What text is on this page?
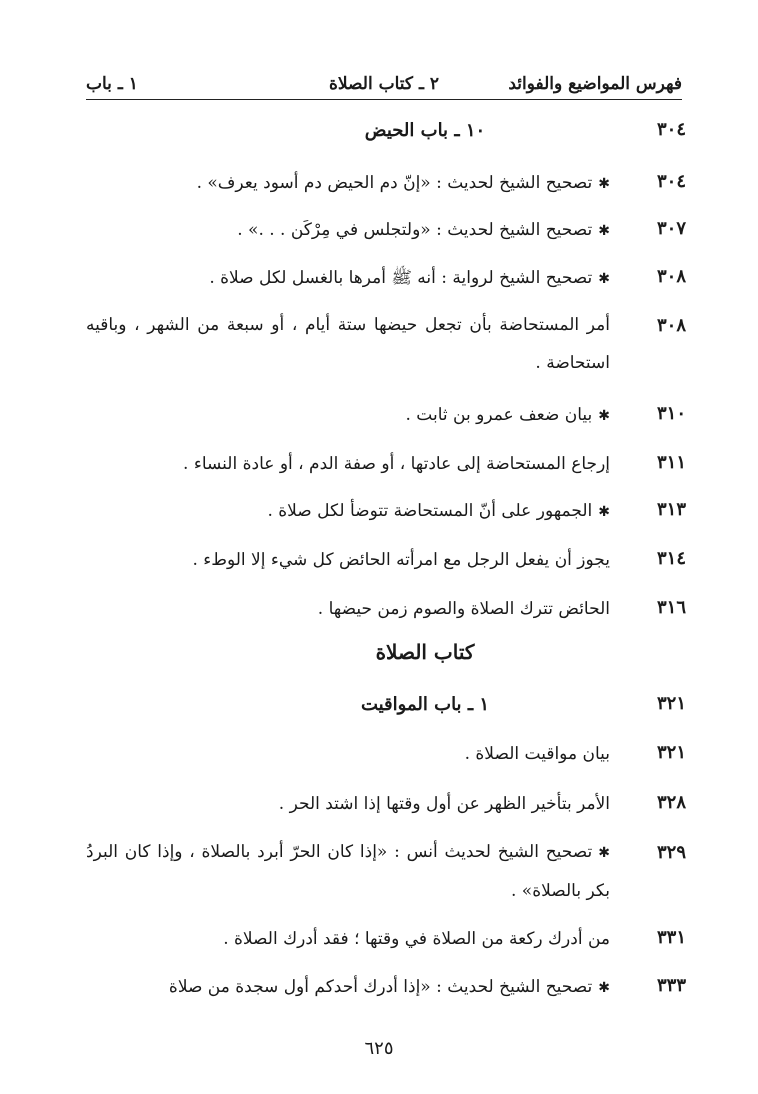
فهرس المواضيع والفوائد
٢ ـ كتاب الصلاة
١ ـ باب
٣٠٤
١٠ ـ باب الحيض
٣٠٤
✱تصحيح الشيخ لحديث : «إنّ دم الحيض دم أسود يعرف» .
٣٠٧
✱تصحيح الشيخ لحديث : «ولتجلس في مِرْكَن . . .» .
٣٠٨
✱تصحيح الشيخ لرواية : أنه ﷺ أمرها بالغسل لكل صلاة .
٣٠٨
أمر المستحاضة بأن تجعل حيضها ستة أيام ، أو سبعة من الشهر ، وباقيه استحاضة .
٣١٠
✱بيان ضعف عمرو بن ثابت .
٣١١
إرجاع المستحاضة إلى عادتها ، أو صفة الدم ، أو عادة النساء .
٣١٣
✱الجمهور على أنّ المستحاضة تتوضأ لكل صلاة .
٣١٤
يجوز أن يفعل الرجل مع امرأته الحائض كل شيء إلا الوطء .
٣١٦
الحائض تترك الصلاة والصوم زمن حيضها .
كتاب الصلاة
٣٢١
١ ـ باب المواقيت
٣٢١
بيان مواقيت الصلاة .
٣٢٨
الأمر بتأخير الظهر عن أول وقتها إذا اشتد الحر .
٣٢٩
✱تصحيح الشيخ لحديث أنس : «إذا كان الحرّ أبرد بالصلاة ، وإذا كان البردُ بكر بالصلاة» .
٣٣١
من أدرك ركعة من الصلاة في وقتها ؛ فقد أدرك الصلاة .
٣٣٣
✱تصحيح الشيخ لحديث : «إذا أدرك أحدكم أول سجدة من صلاة
٦٢٥
